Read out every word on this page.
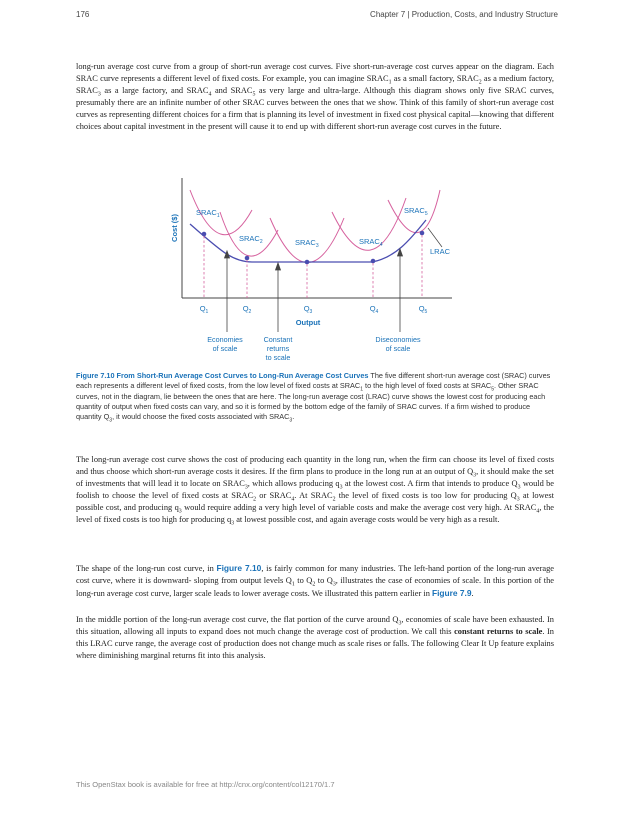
176	Chapter 7 | Production, Costs, and Industry Structure

long-run average cost curve from a group of short-run average cost curves. Five short-run-average cost curves appear on the diagram. Each SRAC curve represents a different level of fixed costs. For example, you can imagine $SRAC_1$ as a small factory, $SRAC_2$ as a medium factory, $SRAC_3$ as a large factory, and $SRAC_4$ and $SRAC_5$ as very large and ultra-large. Although this diagram shows only five SRAC curves, presumably there are an infinite number of other SRAC curves between the ones that we show. Think of this family of short-run average cost curves as representing different choices for a firm that is planning its level of investment in fixed cost physical capital—knowing that different choices about capital investment in the present will cause it to end up with different short-run average cost curves in the future.

Cost ($)
Output
$SRAC_1$
$SRAC_2$	$SRAC_3$	$SRAC_4$
$SRAC_5$
LRAC
$Q_1$	$Q_2$	$Q_3$	$Q_4$	$Q_5$
Economies of scale
Constant returns to scale
Diseconomies of scale

Figure 7.10 From Short-Run Average Cost Curves to Long-Run Average Cost Curves The five different short-run average cost (SRAC) curves each represents a different level of fixed costs, from the low level of fixed costs at $SRAC_1$ to the high level of fixed costs at $SRAC_5$. Other SRAC curves, not in the diagram, lie between the ones that are here. The long-run average cost (LRAC) curve shows the lowest cost for producing each quantity of output when fixed costs can vary, and so it is formed by the bottom edge of the family of SRAC curves. If a firm wished to produce quantity $Q_3$, it would choose the fixed costs associated with $SRAC_3$.

The long-run average cost curve shows the cost of producing each quantity in the long run, when the firm can choose its level of fixed costs and thus choose which short-run average costs it desires. If the firm plans to produce in the long run at an output of $Q_3$, it should make the set of investments that will lead it to locate on $SRAC_3$, which allows producing $q_3$ at the lowest cost. A firm that intends to produce $Q_3$ would be foolish to choose the level of fixed costs at $SRAC_2$ or $SRAC_4$. At $SRAC_2$ the level of fixed costs is too low for producing $Q_3$ at lowest possible cost, and producing $q_3$ would require adding a very high level of variable costs and make the average cost very high. At $SRAC_4$, the level of fixed costs is too high for producing $q_3$ at lowest possible cost, and again average costs would be very high as a result.

The shape of the long-run cost curve, in Figure 7.10, is fairly common for many industries. The left-hand portion of the long-run average cost curve, where it is downward- sloping from output levels $Q_1$ to $Q_2$ to $Q_3$, illustrates the case of economies of scale. In this portion of the long-run average cost curve, larger scale leads to lower average costs. We illustrated this pattern earlier in Figure 7.9.

In the middle portion of the long-run average cost curve, the flat portion of the curve around $Q_3$, economies of scale have been exhausted. In this situation, allowing all inputs to expand does not much change the average cost of production. We call this constant returns to scale. In this LRAC curve range, the average cost of production does not change much as scale rises or falls. The following Clear It Up feature explains where diminishing marginal returns fit into this analysis.

This OpenStax book is available for free at http://cnx.org/content/col12170/1.7
